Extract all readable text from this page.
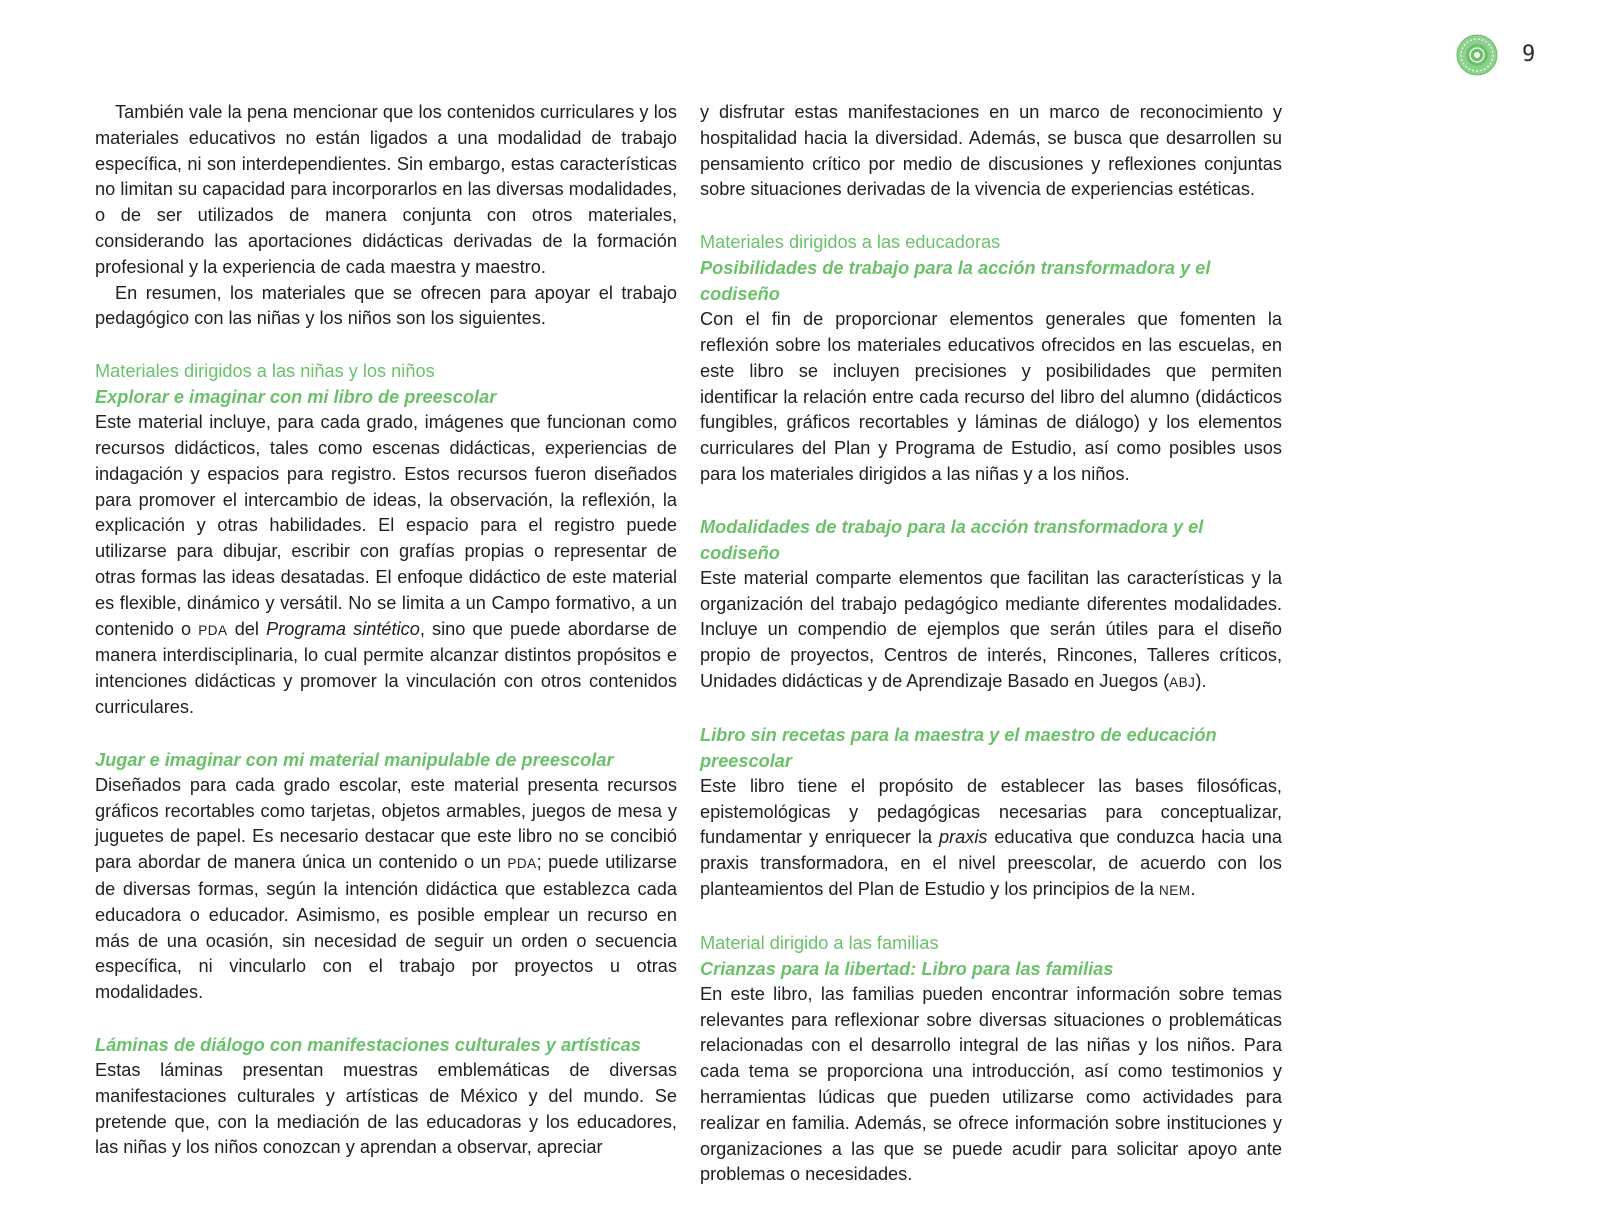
9

También vale la pena mencionar que los contenidos curriculares y los materiales educativos no están ligados a una modalidad de trabajo específica, ni son interdependientes. Sin embargo, estas características no limitan su capacidad para incorporarlos en las diversas modalidades, o de ser utilizados de manera conjunta con otros materiales, considerando las aportaciones didácticas derivadas de la formación profesional y la experiencia de cada maestra y maestro.

En resumen, los materiales que se ofrecen para apoyar el trabajo pedagógico con las niñas y los niños son los siguientes.

Materiales dirigidos a las niñas y los niños
Explorar e imaginar con mi libro de preescolar

Este material incluye, para cada grado, imágenes que funcionan como recursos didácticos, tales como escenas didácticas, experiencias de indagación y espacios para registro. Estos recursos fueron diseñados para promover el intercambio de ideas, la observación, la reflexión, la explicación y otras habilidades. El espacio para el registro puede utilizarse para dibujar, escribir con grafías propias o representar de otras formas las ideas desatadas. El enfoque didáctico de este material es flexible, dinámico y versátil. No se limita a un Campo formativo, a un contenido o PDA del Programa sintético, sino que puede abordarse de manera interdisciplinaria, lo cual permite alcanzar distintos propósitos e intenciones didácticas y promover la vinculación con otros contenidos curriculares.

Jugar e imaginar con mi material manipulable de preescolar

Diseñados para cada grado escolar, este material presenta recursos gráficos recortables como tarjetas, objetos armables, juegos de mesa y juguetes de papel. Es necesario destacar que este libro no se concibió para abordar de manera única un contenido o un PDA; puede utilizarse de diversas formas, según la intención didáctica que establezca cada educadora o educador. Asimismo, es posible emplear un recurso en más de una ocasión, sin necesidad de seguir un orden o secuencia específica, ni vincularlo con el trabajo por proyectos u otras modalidades.

Láminas de diálogo con manifestaciones culturales y artísticas

Estas láminas presentan muestras emblemáticas de diversas manifestaciones culturales y artísticas de México y del mundo. Se pretende que, con la mediación de las educadoras y los educadores, las niñas y los niños conozcan y aprendan a observar, apreciar

y disfrutar estas manifestaciones en un marco de reconocimiento y hospitalidad hacia la diversidad. Además, se busca que desarrollen su pensamiento crítico por medio de discusiones y reflexiones conjuntas sobre situaciones derivadas de la vivencia de experiencias estéticas.

Materiales dirigidos a las educadoras
Posibilidades de trabajo para la acción transformadora y el codiseño

Con el fin de proporcionar elementos generales que fomenten la reflexión sobre los materiales educativos ofrecidos en las escuelas, en este libro se incluyen precisiones y posibilidades que permiten identificar la relación entre cada recurso del libro del alumno (didácticos fungibles, gráficos recortables y láminas de diálogo) y los elementos curriculares del Plan y Programa de Estudio, así como posibles usos para los materiales dirigidos a las niñas y a los niños.

Modalidades de trabajo para la acción transformadora y el codiseño

Este material comparte elementos que facilitan las características y la organización del trabajo pedagógico mediante diferentes modalidades. Incluye un compendio de ejemplos que serán útiles para el diseño propio de proyectos, Centros de interés, Rincones, Talleres críticos, Unidades didácticas y de Aprendizaje Basado en Juegos (ABJ).

Libro sin recetas para la maestra y el maestro de educación preescolar

Este libro tiene el propósito de establecer las bases filosóficas, epistemológicas y pedagógicas necesarias para conceptualizar, fundamentar y enriquecer la praxis educativa que conduzca hacia una praxis transformadora, en el nivel preescolar, de acuerdo con los planteamientos del Plan de Estudio y los principios de la NEM.

Material dirigido a las familias
Crianzas para la libertad: Libro para las familias

En este libro, las familias pueden encontrar información sobre temas relevantes para reflexionar sobre diversas situaciones o problemáticas relacionadas con el desarrollo integral de las niñas y los niños. Para cada tema se proporciona una introducción, así como testimonios y herramientas lúdicas que pueden utilizarse como actividades para realizar en familia. Además, se ofrece información sobre instituciones y organizaciones a las que se puede acudir para solicitar apoyo ante problemas o necesidades.
